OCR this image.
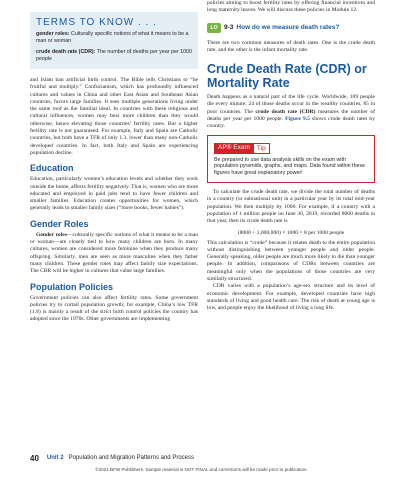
TERMS TO KNOW . . .
gender roles: Culturally specific notions of what it means to be a man or woman
crude death rate (CDR): The number of deaths per year per 1000 people

and Islam ban artificial birth control. The Bible tells Christians to “be fruitful and multiply.” Confucianism, which has profoundly influenced cultures and values in China and other East Asian and Southeast Asian countries, favors large families. It sees multiple generations living under the same roof as the familial ideal. In countries with these religious and cultural influences, women may bear more children than they would otherwise, hence elevating those countries’ fertility rates. But a higher fertility rate is not guaranteed. For example, Italy and Spain are Catholic countries, but both have a TFR of only 1.3, lower than many non-Catholic developed countries. In fact, both Italy and Spain are experiencing population decline.

Education

Education, particularly women’s education levels and whether they work outside the home, affects fertility negatively. That is, women who are more educated and employed in paid jobs tend to have fewer children and smaller families. Education creates opportunities for women, which generally leads to smaller family sizes (“more books, fewer babies”).

Gender Roles

Gender roles—culturally specific notions of what it means to be a man or woman—are closely tied to how many children are born. In many cultures, women are considered more feminine when they produce many offspring. Similarly, men are seen as more masculine when they father many children. These gender roles may affect family size expectations. The CBR will be higher in cultures that value large families.

Population Policies

Government policies can also affect fertility rates. Some government policies try to curtail population growth; for example, China’s low TFR (1.8) is mainly a result of the strict birth control policies the country has adopted since the 1970s. Other governments are implementing

policies aiming to boost fertility rates by offering financial incentives and long maternity leaves. We will discuss these policies in Module 12.

LO	9-3 How do we measure death rates?

There are two common measures of death rates. One is the crude death rate, and the other is the infant mortality rate.

Crude Death Rate (CDR) or Mortality Rate

Death happens as a natural part of the life cycle. Worldwide, 109 people die every minute; 24 of those deaths occur in the wealthy countries, 85 in poor countries. The crude death rate (CDR) measures the number of deaths per year per 1000 people. Figure 9.5 shows crude death rates by country.

AP® Exam	Tip
Be prepared to use data analysis skills on the exam with population pyramids, graphs, and maps. Data found within these figures have great explanatory power!

To calculate the crude death rate, we divide the total number of deaths in a country (or subnational unit) in a particular year by its total mid-year population. We then multiply by 1000. For example, if a country with a population of 1 million people on June 30, 2019, recorded 8000 deaths in that year, then its crude death rate is

(8000 ÷ 1,000,000) × 1000 = 8 per 1000 people

This calculation is “crude” because it relates death to the entire population without distinguishing between younger people and older people. Generally speaking, older people are much more likely to die than younger people. In addition, comparisons of CDRs between countries are meaningful only when the populations of those countries are very similarly structured.

CDR varies with a population’s age-sex structure and its level of economic development. For example, developed countries have high standards of living and good health care. The risk of death at young age is low, and people enjoy the likelihood of living a long life.

40 Unit 2 Population and Migration Patterns and Process
©2021 BFW Publishers. Sample material is NOT FINAL and corrections will be made prior to publication.
